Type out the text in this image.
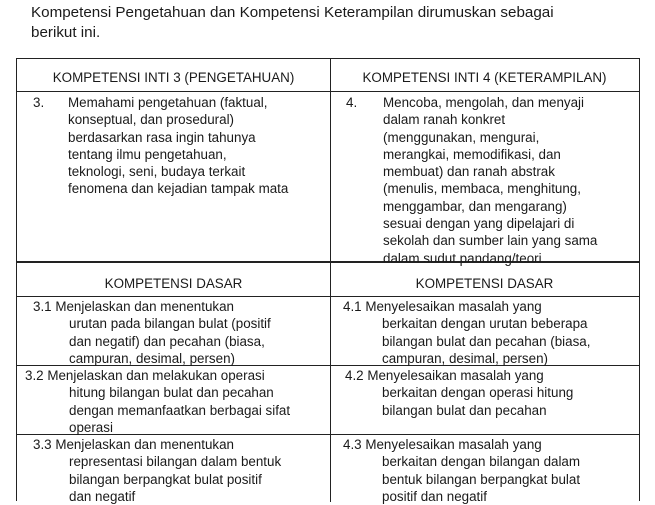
Kompetensi Pengetahuan dan Kompetensi Keterampilan dirumuskan sebagai
berikut ini.
KOMPETENSI INTI 3 (PENGETAHUAN)	KOMPETENSI INTI 4 (KETERAMPILAN)
3. Memahami pengetahuan (faktual,
konseptual, dan prosedural)
berdasarkan rasa ingin tahunya
tentang ilmu pengetahuan,
teknologi, seni, budaya terkait
fenomena dan kejadian tampak mata
4. Mencoba, mengolah, dan menyaji
dalam ranah konkret
(menggunakan, mengurai,
merangkai, memodifikasi, dan
membuat) dan ranah abstrak
(menulis, membaca, menghitung,
menggambar, dan mengarang)
sesuai dengan yang dipelajari di
sekolah dan sumber lain yang sama
dalam sudut pandang/teori
KOMPETENSI DASAR	KOMPETENSI DASAR
3.1 Menjelaskan dan menentukan
urutan pada bilangan bulat (positif
dan negatif) dan pecahan (biasa,
campuran, desimal, persen)
4.1 Menyelesaikan masalah yang
berkaitan dengan urutan beberapa
bilangan bulat dan pecahan (biasa,
campuran, desimal, persen)
3.2 Menjelaskan dan melakukan operasi
hitung bilangan bulat dan pecahan
dengan memanfaatkan berbagai sifat
operasi
4.2 Menyelesaikan masalah yang
berkaitan dengan operasi hitung
bilangan bulat dan pecahan
3.3 Menjelaskan dan menentukan
representasi bilangan dalam bentuk
bilangan berpangkat bulat positif
dan negatif
4.3 Menyelesaikan masalah yang
berkaitan dengan bilangan dalam
bentuk bilangan berpangkat bulat
positif dan negatif
